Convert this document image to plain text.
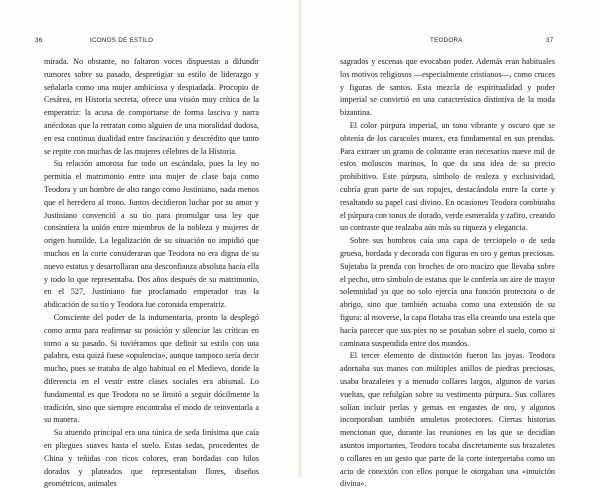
36	ICONOS DE ESTILO

mirada. No obstante, no faltaron voces dispuestas a difundir rumores sobre su pasado, despretigiar su estilo de liderazgo y señalarla como una mujer ambiciosa y despiadada. Procopio de Cesárea, en Historia secreta, ofrece una visión muy crítica de la emperatriz: la acusa de comportarse de forma lasciva y narra anécdotas que la retratan como alguien de una moralidad dudosa, en esa continua dualidad entre fascinación y descrédito que tanto se repite con muchas de las mujeres célebres de la Historia.

Su relación amorosa fue todo un escándalo, pues la ley no permitía el matrimonio entre una mujer de clase baja como Teodora y un hombre de alto rango como Justiniano, nada menos que el heredero al trono. Juntos decidieron luchar por su amor y Justiniano convenció a su tío para promulgar una ley que consintiera la unión entre miembros de la nobleza y mujeres de origen humilde. La legalización de su situación no impidió que muchos en la corte consideraran que Teodora no era digna de su nuevo estatus y desarrollaran una desconfianza absoluta hacia ella y todo lo que representaba. Dos años después de su matrimonio, en el 527, Justiniano fue proclamado emperador tras la abdicación de su tío y Teodora fue coronada emperatriz.

Consciente del poder de la indumentaria, pronto la desplegó como arma para reafirmar su posición y silenciar las críticas en torno a su pasado. Si tuviéramos que definir su estilo con una palabra, esta quizá fuese «opulencia», aunque tampoco sería decir mucho, pues se trataba de algo habitual en el Medievo, donde la diferencia en el vestir entre clases sociales era abismal. Lo fundamental es que Teodora no se limitó a seguir dócilmente la tradición, sino que siempre encontraba el modo de reinventarla a su manera.

Su atuendo principal era una túnica de seda finísima que caía en pliegues suaves hasta el suelo. Estas sedas, procedentes de China y teñidas con ricos colores, eran bordadas con hilos dorados y plateados que representaban flores, diseños geométricos, animales

TEODORA	37

sagrados y escenas que evocaban poder. Además eran habituales los motivos religiosos —especialmente cristianos—, como cruces y figuras de santos. Esta mezcla de espiritualidad y poder imperial se convirtió en una característica distintiva de la moda bizantina.

El color púrpura imperial, un tono vibrante y oscuro que se obtenía de los caracoles murex, era fundamental en sus prendas. Para extraer un gramo de colorante eran necesarios nueve mil de estos moluscos marinos, lo que da una idea de su precio prohibitivo. Este púrpura, símbolo de realeza y exclusividad, cubría gran parte de sus ropajes, destacándola entre la corte y resaltando su papel casi divino. En ocasiones Teodora combinaba el púrpura con tonos de dorado, verde esmeralda y zafiro, creando un contraste que realzaba aún más su riqueza y elegancia.

Sobre sus hombros caía una capa de terciopelo o de seda gruesa, bordada y decorada con figuras en oro y gemas preciosas. Sujetaba la prenda con broches de oro macizo que llevaba sobre el pecho, otro símbolo de estatus que le confería un aire de mayor solemnidad ya que no solo ejercía una función protectora o de abrigo, sino que también actuaba como una extensión de su figura: al moverse, la capa flotaba tras ella creando una estela que hacía parecer que sus pies no se posaban sobre el suelo, como si caminara suspendida entre dos mundos.

El tercer elemento de distinción fueron las joyas. Teodora adornaba sus manos con múltiples anillos de piedras preciosas, usaba brazaletes y a menudo collares largos, algunos de varias vueltas, que refulgían sobre su vestimenta púrpura. Sus collares solían incluir perlas y gemas en engastes de oro, y algunos incorporaban también amuletos protectores. Ciertas historias mencionan que, durante las reuniones en las que se decidían asuntos importantes, Teodora tocaba discretamente sus brazaletes o collares en un gesto que parte de la corte interpretaba como un acto de conexión con ellos porque le otorgaban una «intuición divina».
